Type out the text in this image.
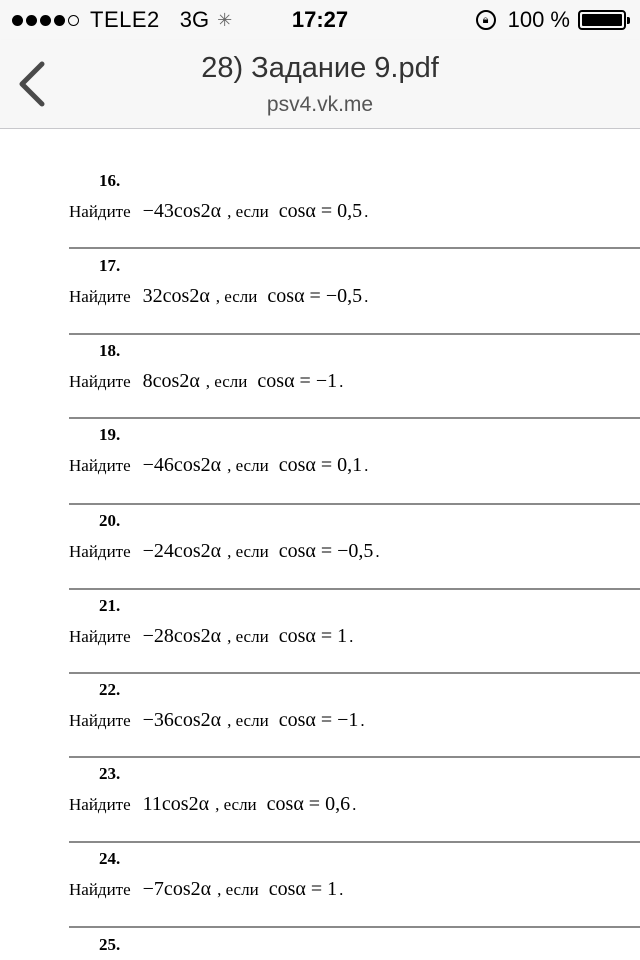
TELE2 3G ✳	17:27	🔒︎ 100 %
28) Задание 9.pdf
psv4.vk.me
16.
Найдите −43cos2α , если cosα = 0,5 .
17.
Найдите 32cos2α , если cosα = −0,5 .
18.
Найдите 8cos2α , если cosα = −1 .
19.
Найдите −46cos2α , если cosα = 0,1 .
20.
Найдите −24cos2α , если cosα = −0,5 .
21.
Найдите −28cos2α , если cosα = 1 .
22.
Найдите −36cos2α , если cosα = −1 .
23.
Найдите 11cos2α , если cosα = 0,6 .
24.
Найдите −7cos2α , если cosα = 1 .
25.
